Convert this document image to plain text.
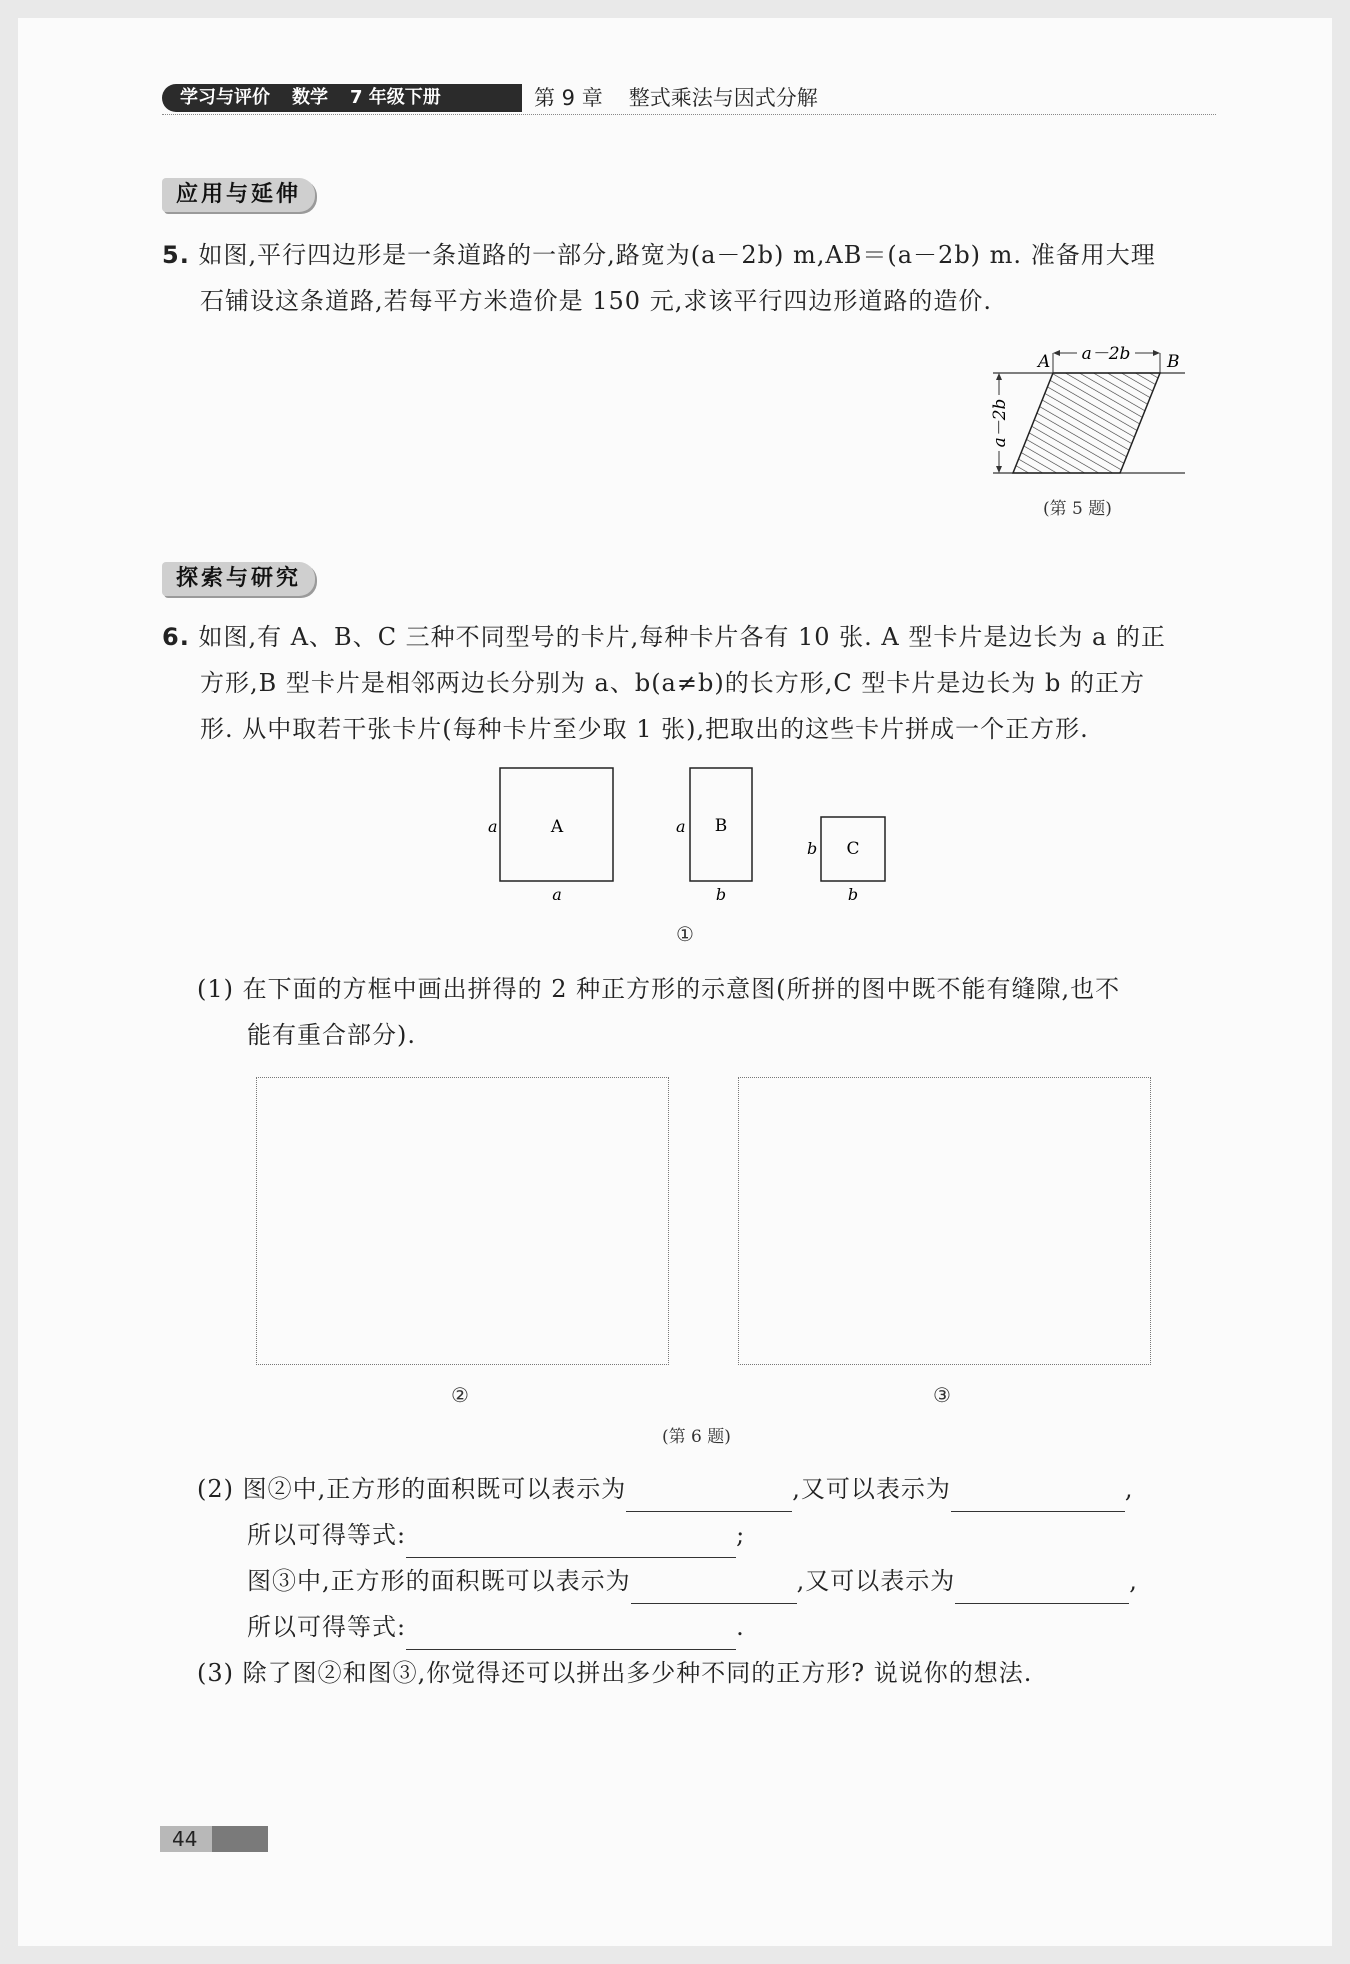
学习与评价 数学 7 年级下册	第 9 章 整式乘法与因式分解
应用与延伸
5. 如图,平行四边形是一条道路的一部分,路宽为(a－2b) m,AB＝(a－2b) m. 准备用大理
石铺设这条道路,若每平方米造价是 150 元,求该平行四边形道路的造价.
a－2b
A	B
a－2b
(第 5 题)
探索与研究
6. 如图,有 A、B、C 三种不同型号的卡片,每种卡片各有 10 张. A 型卡片是边长为 a 的正
方形,B 型卡片是相邻两边长分别为 a、b(a≠b)的长方形,C 型卡片是边长为 b 的正方
形. 从中取若干张卡片(每种卡片至少取 1 张),把取出的这些卡片拼成一个正方形.
A
a
a
B
a
b
C
b
b
①
(1) 在下面的方框中画出拼得的 2 种正方形的示意图(所拼的图中既不能有缝隙,也不
能有重合部分).
②	③
(第 6 题)
(2) 图②中,正方形的面积既可以表示为	,又可以表示为	,
所以可得等式:	;
图③中,正方形的面积既可以表示为	,又可以表示为	,
所以可得等式:	.
(3) 除了图②和图③,你觉得还可以拼出多少种不同的正方形? 说说你的想法.
44
